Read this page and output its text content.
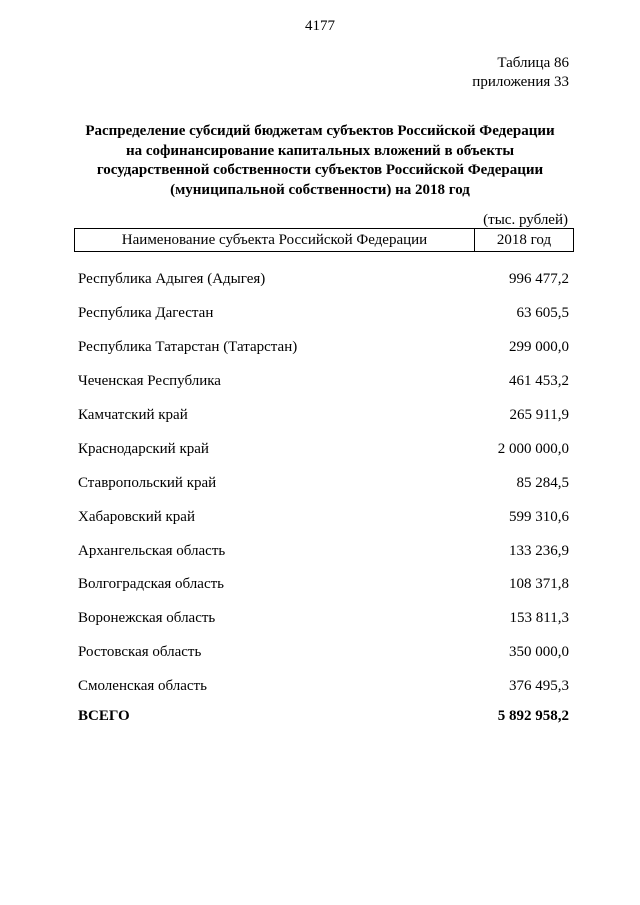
4177
Таблица 86
приложения 33
Распределение субсидий бюджетам субъектов Российской Федерации
на софинансирование капитальных вложений в объекты
государственной собственности субъектов Российской Федерации
(муниципальной собственности) на 2018 год
(тыс. рублей)
Наименование субъекта Российской Федерации	2018 год
Республика Адыгея (Адыгея)	996 477,2
Республика Дагестан	63 605,5
Республика Татарстан (Татарстан)	299 000,0
Чеченская Республика	461 453,2
Камчатский край	265 911,9
Краснодарский край	2 000 000,0
Ставропольский край	85 284,5
Хабаровский край	599 310,6
Архангельская область	133 236,9
Волгоградская область	108 371,8
Воронежская область	153 811,3
Ростовская область	350 000,0
Смоленская область	376 495,3
ВСЕГО	5 892 958,2
